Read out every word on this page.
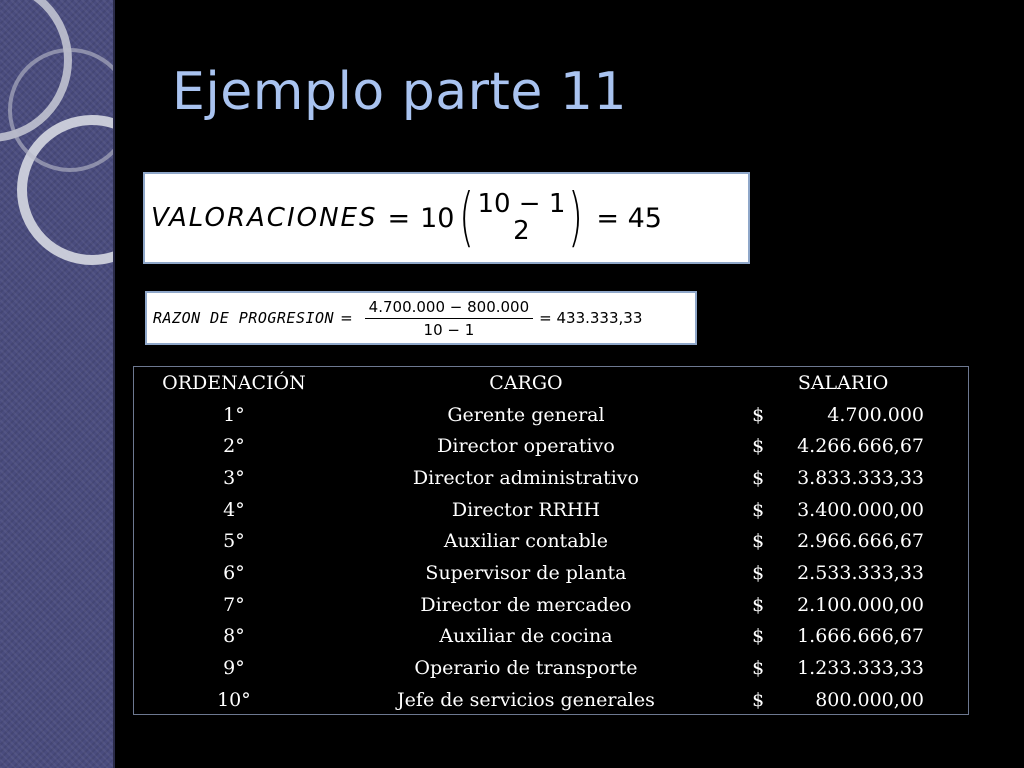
Ejemplo parte 11
VALORACIONES = 10 ( 10 − 1
2 ) = 45
RAZON DE PROGRESION = $\frac{4.700.000 - 800.000}{10 - 1} = 433.333,33$
ORDENACIÓN	CARGO	SALARIO
1°	Gerente general	$ 4.700.000

2°	Director operativo	$ 4.266.666,67

3°	Director administrativo	$ 3.833.333,33

4°	Director RRHH	$ 3.400.000,00

5°	Auxiliar contable	$ 2.966.666,67

6°	Supervisor de planta	$ 2.533.333,33

7°	Director de mercadeo	$ 2.100.000,00

8°	Auxiliar de cocina	$ 1.666.666,67

9°	Operario de transporte	$ 1.233.333,33

10°	Jefe de servicios generales	$ 800.000,00
